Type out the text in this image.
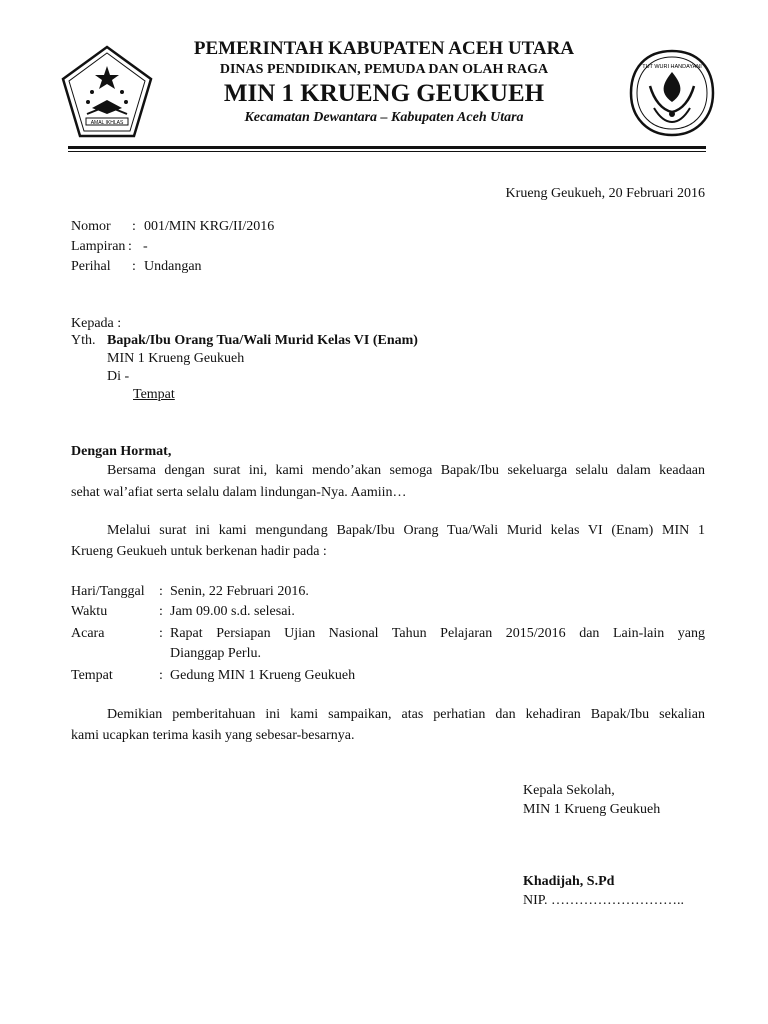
AMAL IKHLAS
TUT WURI HANDAYANI
PEMERINTAH KABUPATEN ACEH UTARA
DINAS PENDIDIKAN, PEMUDA DAN OLAH RAGA
MIN 1 KRUENG GEUKUEH
Kecamatan Dewantara – Kabupaten Aceh Utara
Krueng Geukueh, 20 Februari 2016
Nomor : 001/MIN KRG/II/2016
Lampiran : -
Perihal : Undangan
Kepada :
Yth. Bapak/Ibu Orang Tua/Wali Murid Kelas VI (Enam)
MIN 1 Krueng Geukueh
Di -
Tempat
Dengan Hormat,
Bersama dengan surat ini, kami mendo’akan semoga Bapak/Ibu sekeluarga selalu dalam keadaan
sehat wal’afiat serta selalu dalam lindungan-Nya. Aamiin…
Melalui surat ini kami mengundang Bapak/Ibu Orang Tua/Wali Murid kelas VI (Enam) MIN 1
Krueng Geukueh untuk berkenan hadir pada :
Hari/Tanggal : Senin, 22 Februari 2016.
Waktu	: Jam 09.00 s.d. selesai.
Acara	: Rapat Persiapan Ujian Nasional Tahun Pelajaran 2015/2016 dan Lain-lain yang
Dianggap Perlu.
Tempat	: Gedung MIN 1 Krueng Geukueh
Demikian pemberitahuan ini kami sampaikan, atas perhatian dan kehadiran Bapak/Ibu sekalian
kami ucapkan terima kasih yang sebesar-besarnya.
Kepala Sekolah,
MIN 1 Krueng Geukueh
Khadijah, S.Pd
NIP. ………………………..
